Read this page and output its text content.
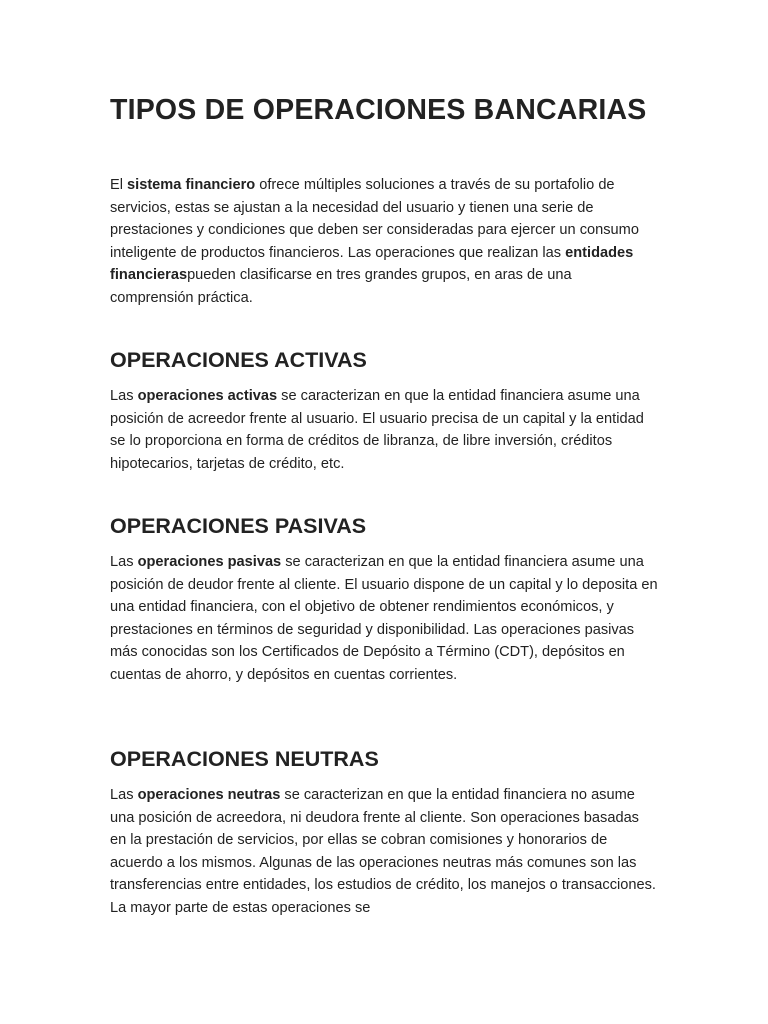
TIPOS DE OPERACIONES BANCARIAS

El sistema financiero ofrece múltiples soluciones a través de su portafolio de servicios, estas se ajustan a la necesidad del usuario y tienen una serie de prestaciones y condiciones que deben ser consideradas para ejercer un consumo inteligente de productos financieros. Las operaciones que realizan las entidades financieraspueden clasificarse en tres grandes grupos, en aras de una comprensión práctica.

OPERACIONES ACTIVAS

Las operaciones activas se caracterizan en que la entidad financiera asume una posición de acreedor frente al usuario. El usuario precisa de un capital y la entidad se lo proporciona en forma de créditos de libranza, de libre inversión, créditos hipotecarios, tarjetas de crédito, etc.

OPERACIONES PASIVAS

Las operaciones pasivas se caracterizan en que la entidad financiera asume una posición de deudor frente al cliente. El usuario dispone de un capital y lo deposita en una entidad financiera, con el objetivo de obtener rendimientos económicos, y prestaciones en términos de seguridad y disponibilidad. Las operaciones pasivas más conocidas son los Certificados de Depósito a Término (CDT), depósitos en cuentas de ahorro, y depósitos en cuentas corrientes.

OPERACIONES NEUTRAS

Las operaciones neutras se caracterizan en que la entidad financiera no asume una posición de acreedora, ni deudora frente al cliente. Son operaciones basadas en la prestación de servicios, por ellas se cobran comisiones y honorarios de acuerdo a los mismos. Algunas de las operaciones neutras más comunes son las transferencias entre entidades, los estudios de crédito, los manejos o transacciones. La mayor parte de estas operaciones se
